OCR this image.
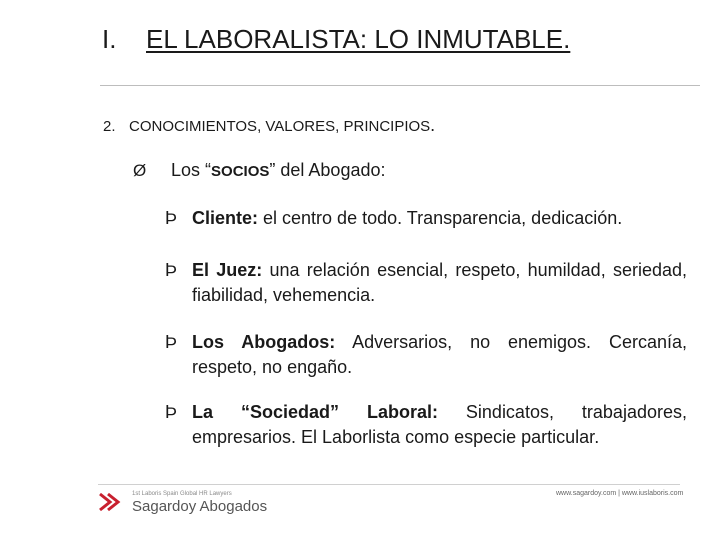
I. EL LABORALISTA: LO INMUTABLE.
2. CONOCIMIENTOS, VALORES, PRINCIPIOS.
Ø Los “SOCIOS” del Abogado:
Þ Cliente: el centro de todo. Transparencia, dedicación.
Þ El Juez: una relación esencial, respeto, humildad, seriedad, fiabilidad, vehemencia.
Þ Los Abogados: Adversarios, no enemigos. Cercanía, respeto, no engaño.
Þ La “Sociedad” Laboral: Sindicatos, trabajadores, empresarios. El Laborlista como especie particular.
1st Laboris Spain Global HR Lawyers
Sagardoy Abogados
www.sagardoy.com | www.iuslaboris.com
